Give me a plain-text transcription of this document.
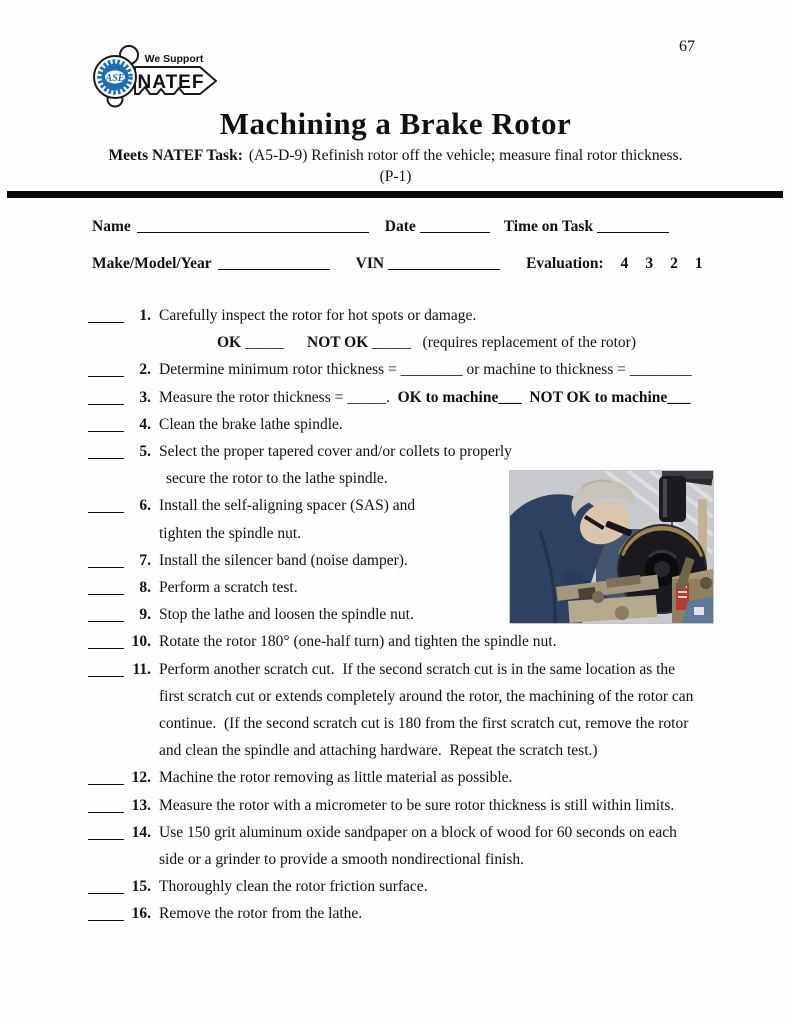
67
ASE
We Support
NATEF
Machining a Brake Rotor
Meets NATEF Task: (A5-D-9) Refinish rotor off the vehicle; measure final rotor thickness.
(P-1)
Name	Date	Time on Task
Make/Model/Year	VIN	Evaluation: 4 3 2 1
1. Carefully inspect the rotor for hot spots or damage.
OK _____ NOT OK _____   (requires replacement of the rotor)
2. Determine minimum rotor thickness = ________ or machine to thickness = ________
3. Measure the rotor thickness = _____.  OK to machine___ NOT OK to machine___
4. Clean the brake lathe spindle.
5. Select the proper tapered cover and/or collets to properly
secure the rotor to the lathe spindle.
6. Install the self-aligning spacer (SAS) and
tighten the spindle nut.
7. Install the silencer band (noise damper).
8. Perform a scratch test.
9. Stop the lathe and loosen the spindle nut.
10. Rotate the rotor 180° (one-half turn) and tighten the spindle nut.
11. Perform another scratch cut.  If the second scratch cut is in the same location as the
first scratch cut or extends completely around the rotor, the machining of the rotor can
continue.  (If the second scratch cut is 180 from the first scratch cut, remove the rotor
and clean the spindle and attaching hardware.  Repeat the scratch test.)
12. Machine the rotor removing as little material as possible.
13. Measure the rotor with a micrometer to be sure rotor thickness is still within limits.
14. Use 150 grit aluminum oxide sandpaper on a block of wood for 60 seconds on each
side or a grinder to provide a smooth nondirectional finish.
15. Thoroughly clean the rotor friction surface.
16. Remove the rotor from the lathe.
